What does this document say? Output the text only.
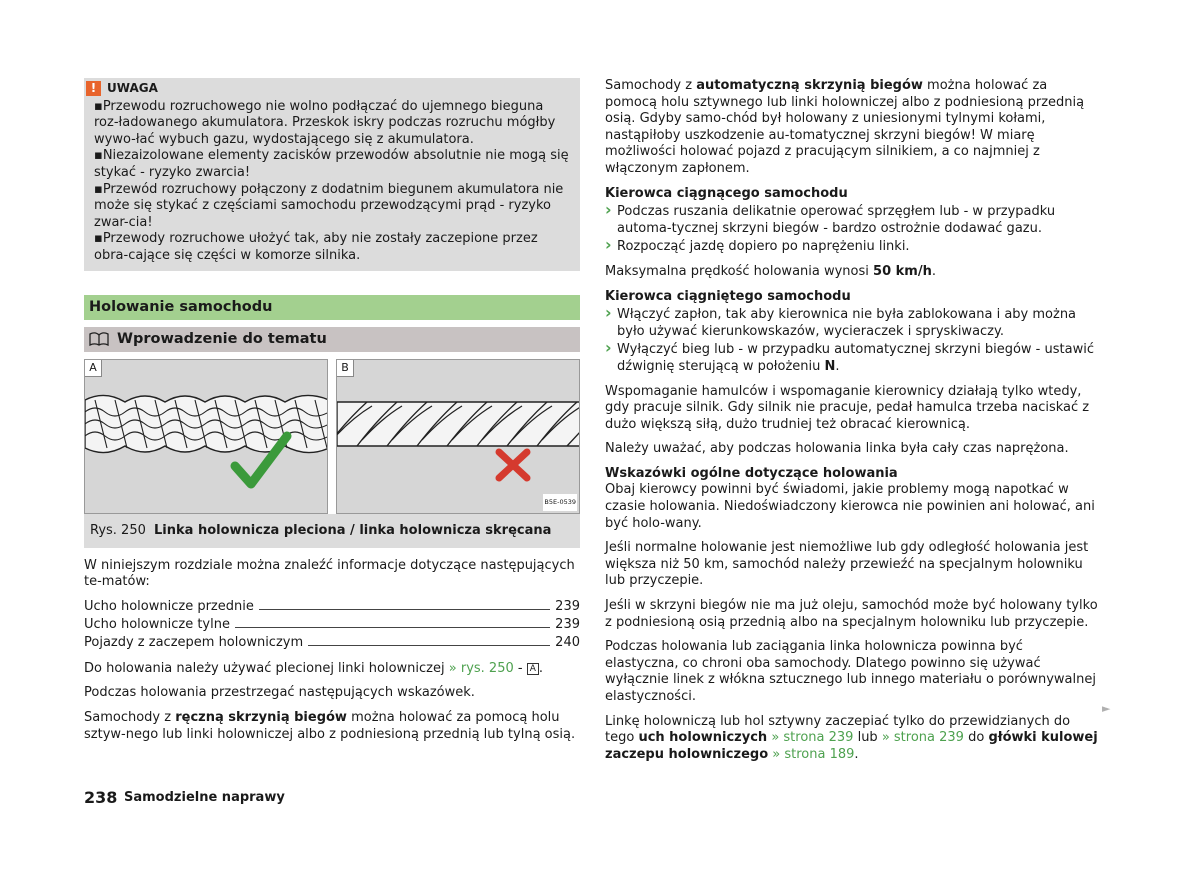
! UWAGA

▪ Przewodu rozruchowego nie wolno podłączać do ujemnego bieguna roz-ładowanego akumulatora. Przeskok iskry podczas rozruchu mógłby wywo-łać wybuch gazu, wydostającego się z akumulatora.

▪ Niezaizolowane elementy zacisków przewodów absolutnie nie mogą się stykać - ryzyko zwarcia!

▪ Przewód rozruchowy połączony z dodatnim biegunem akumulatora nie może się stykać z częściami samochodu przewodzącymi prąd - ryzyko zwar-cia!

▪ Przewody rozruchowe ułożyć tak, aby nie zostały zaczepione przez obra-cające się części w komorze silnika.

Holowanie samochodu
Wprowadzenie do tematu
A	B
B5E-0539
Rys. 250 Linka holownicza pleciona / linka holownicza skręcana

W niniejszym rozdziale można znaleźć informacje dotyczące następujących te-matów:

Ucho holownicze przednie	239
Ucho holownicze tylne	239
Pojazdy z zaczepem holowniczym	240

Do holowania należy używać plecionej linki holowniczej » rys. 250 - A .

Podczas holowania przestrzegać następujących wskazówek.

Samochody z ręczną skrzynią biegów można holować za pomocą holu sztyw-nego lub linki holowniczej albo z podniesioną przednią lub tylną osią.

Samochody z automatyczną skrzynią biegów można holować za pomocą holu sztywnego lub linki holowniczej albo z podniesioną przednią osią. Gdyby samo-chód był holowany z uniesionymi tylnymi kołami, nastąpiłoby uszkodzenie au-tomatycznej skrzyni biegów! W miarę możliwości holować pojazd z pracującym silnikiem, a co najmniej z włączonym zapłonem.

Kierowca ciągnącego samochodu

› Podczas ruszania delikatnie operować sprzęgłem lub - w przypadku automa-tycznej skrzyni biegów - bardzo ostrożnie dodawać gazu.

› Rozpocząć jazdę dopiero po naprężeniu linki.

Maksymalna prędkość holowania wynosi 50 km/h.

Kierowca ciągniętego samochodu

› Włączyć zapłon, tak aby kierownica nie była zablokowana i aby można było używać kierunkowskazów, wycieraczek i spryskiwaczy.

› Wyłączyć bieg lub - w przypadku automatycznej skrzyni biegów - ustawić dźwignię sterującą w położeniu N.

Wspomaganie hamulców i wspomaganie kierownicy działają tylko wtedy, gdy pracuje silnik. Gdy silnik nie pracuje, pedał hamulca trzeba naciskać z dużo większą siłą, dużo trudniej też obracać kierownicą.

Należy uważać, aby podczas holowania linka była cały czas naprężona.

Wskazówki ogólne dotyczące holowania

Obaj kierowcy powinni być świadomi, jakie problemy mogą napotkać w czasie holowania. Niedoświadczony kierowca nie powinien ani holować, ani być holo-wany.

Jeśli normalne holowanie jest niemożliwe lub gdy odległość holowania jest większa niż 50 km, samochód należy przewieźć na specjalnym holowniku lub przyczepie.

Jeśli w skrzyni biegów nie ma już oleju, samochód może być holowany tylko z podniesioną osią przednią albo na specjalnym holowniku lub przyczepie.

Podczas holowania lub zaciągania linka holownicza powinna być elastyczna, co chroni oba samochody. Dlatego powinno się używać wyłącznie linek z włókna sztucznego lub innego materiału o porównywalnej elastyczności.

Linkę holowniczą lub hol sztywny zaczepiać tylko do przewidzianych do tego uch holowniczych » strona 239 lub » strona 239 do główki kulowej zaczepu holowniczego » strona 189.

►
238 Samodzielne naprawy
